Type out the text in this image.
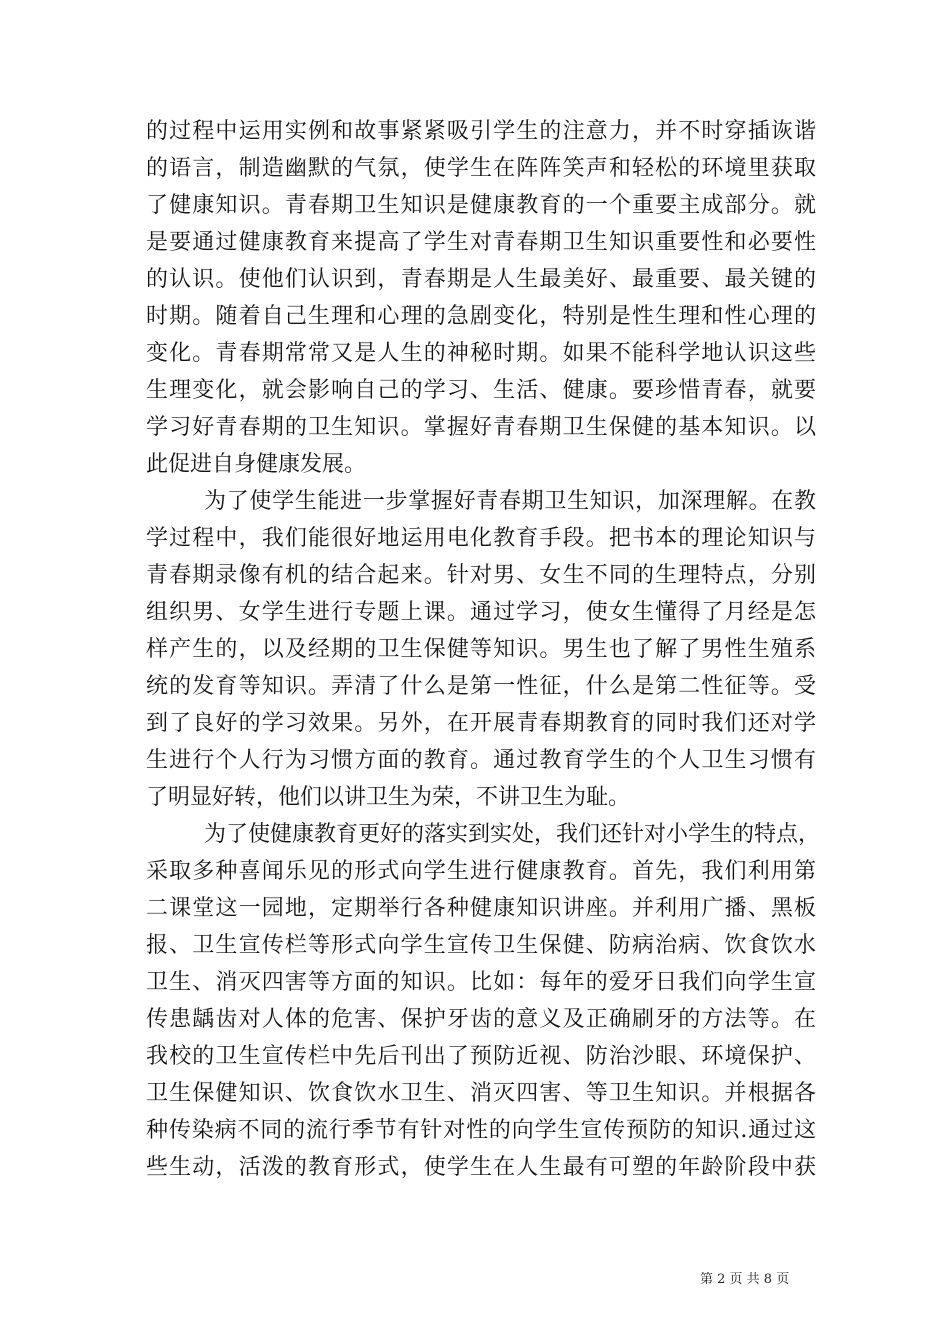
的过程中运用实例和故事紧紧吸引学生的注意力，并不时穿插诙谐
的语言，制造幽默的气氛，使学生在阵阵笑声和轻松的环境里获取
了健康知识。青春期卫生知识是健康教育的一个重要主成部分。就
是要通过健康教育来提高了学生对青春期卫生知识重要性和必要性
的认识。使他们认识到，青春期是人生最美好、最重要、最关键的
时期。随着自己生理和心理的急剧变化，特别是性生理和性心理的
变化。青春期常常又是人生的神秘时期。如果不能科学地认识这些
生理变化，就会影响自己的学习、生活、健康。要珍惜青春，就要
学习好青春期的卫生知识。掌握好青春期卫生保健的基本知识。以
此促进自身健康发展。
为了使学生能进一步掌握好青春期卫生知识，加深理解。在教
学过程中，我们能很好地运用电化教育手段。把书本的理论知识与
青春期录像有机的结合起来。针对男、女生不同的生理特点，分别
组织男、女学生进行专题上课。通过学习，使女生懂得了月经是怎
样产生的，以及经期的卫生保健等知识。男生也了解了男性生殖系
统的发育等知识。弄清了什么是第一性征，什么是第二性征等。受
到了良好的学习效果。另外，在开展青春期教育的同时我们还对学
生进行个人行为习惯方面的教育。通过教育学生的个人卫生习惯有
了明显好转，他们以讲卫生为荣，不讲卫生为耻。
为了使健康教育更好的落实到实处，我们还针对小学生的特点，
采取多种喜闻乐见的形式向学生进行健康教育。首先，我们利用第
二课堂这一园地，定期举行各种健康知识讲座。并利用广播、黑板
报、卫生宣传栏等形式向学生宣传卫生保健、防病治病、饮食饮水
卫生、消灭四害等方面的知识。比如：每年的爱牙日我们向学生宣
传患龋齿对人体的危害、保护牙齿的意义及正确刷牙的方法等。在
我校的卫生宣传栏中先后刊出了预防近视、防治沙眼、环境保护、
卫生保健知识、饮食饮水卫生、消灭四害、等卫生知识。并根据各
种传染病不同的流行季节有针对性的向学生宣传预防的知识.通过这
些生动，活泼的教育形式，使学生在人生最有可塑的年龄阶段中获
第 2 页 共 8 页
